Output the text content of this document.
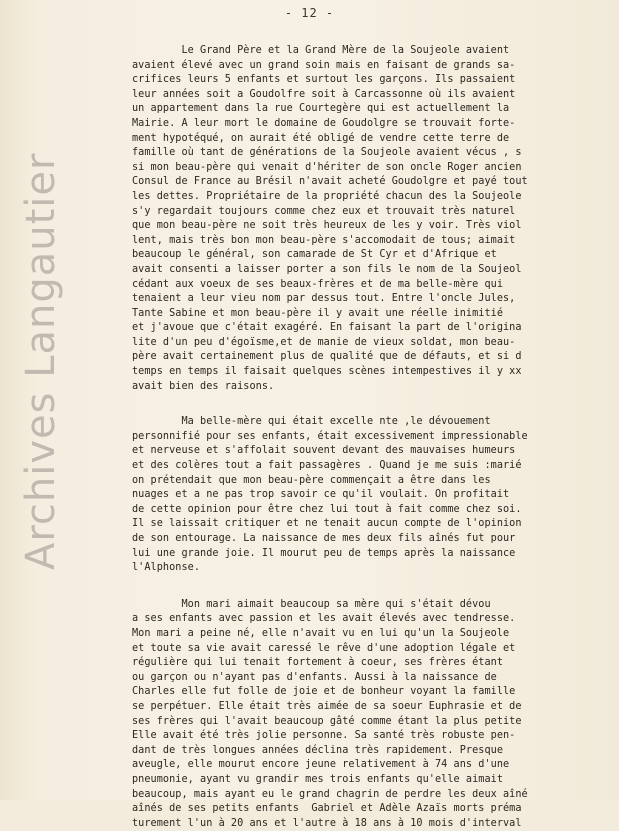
- 12 -
Archives Langautier
Le Grand Père et la Grand Mère de la Soujeole avaient
avaient élevé avec un grand soin mais en faisant de grands sa-
crifices leurs 5 enfants et surtout les garçons. Ils passaient
leur années soit a Goudolfre soit à Carcassonne où ils avaient
un appartement dans la rue Courtegère qui est actuellement la
Mairie. A leur mort le domaine de Goudolgre se trouvait forte-
ment hypotéqué, on aurait été obligé de vendre cette terre de
famille où tant de générations de la Soujeole avaient vécus , s
si mon beau-père qui venait d'hériter de son oncle Roger ancien
Consul de France au Brésil n'avait acheté Goudolgre et payé tout
les dettes. Propriétaire de la propriété chacun des la Soujeole
s'y regardait toujours comme chez eux et trouvait très naturel
que mon beau-père ne soit très heureux de les y voir. Très viol
lent, mais très bon mon beau-père s'accomodait de tous; aimait
beaucoup le général, son camarade de St Cyr et d'Afrique et
avait consenti a laisser porter a son fils le nom de la Soujeol
cédant aux voeux de ses beaux-frères et de ma belle-mère qui
tenaient a leur vieu nom par dessus tout. Entre l'oncle Jules,
Tante Sabine et mon beau-père il y avait une réelle inimitié
et j'avoue que c'était exagéré. En faisant la part de l'origina
lite d'un peu d'égoïsme,et de manie de vieux soldat, mon beau-
père avait certainement plus de qualité que de défauts, et si d
temps en temps il faisait quelques scènes intempestives il y xx
avait bien des raisons.
Ma belle-mère qui était excelle nte ,le dévouement
personnifié pour ses enfants, était excessivement impressionable
et nerveuse et s'affolait souvent devant des mauvaises humeurs
et des colères tout a fait passagères . Quand je me suis :marié
on prétendait que mon beau-père commençait a être dans les
nuages et a ne pas trop savoir ce qu'il voulait. On profitait
de cette opinion pour être chez lui tout à fait comme chez soi.
Il se laissait critiquer et ne tenait aucun compte de l'opinion
de son entourage. La naissance de mes deux fils aînés fut pour
lui une grande joie. Il mourut peu de temps après la naissance
l'Alphonse.
Mon mari aimait beaucoup sa mère qui s'était dévou
a ses enfants avec passion et les avait élevés avec tendresse.
Mon mari a peine né, elle n'avait vu en lui qu'un la Soujeole
et toute sa vie avait caressé le rêve d'une adoption légale et
régulière qui lui tenait fortement à coeur, ses frères étant
ou garçon ou n'ayant pas d'enfants. Aussi à la naissance de
Charles elle fut folle de joie et de bonheur voyant la famille
se perpétuer. Elle était très aimée de sa soeur Euphrasie et de
ses frères qui l'avait beaucoup gâté comme étant la plus petite
Elle avait été très jolie personne. Sa santé très robuste pen-
dant de très longues années déclina très rapidement. Presque
aveugle, elle mourut encore jeune relativement à 74 ans d'une
pneumonie, ayant vu grandir mes trois enfants qu'elle aimait
beaucoup, mais ayant eu le grand chagrin de perdre les deux aîné
aînés de ses petits enfants  Gabriel et Adèle Azaïs morts préma
turement l'un à 20 ans et l'autre à 18 ans à 10 mois d'interval
